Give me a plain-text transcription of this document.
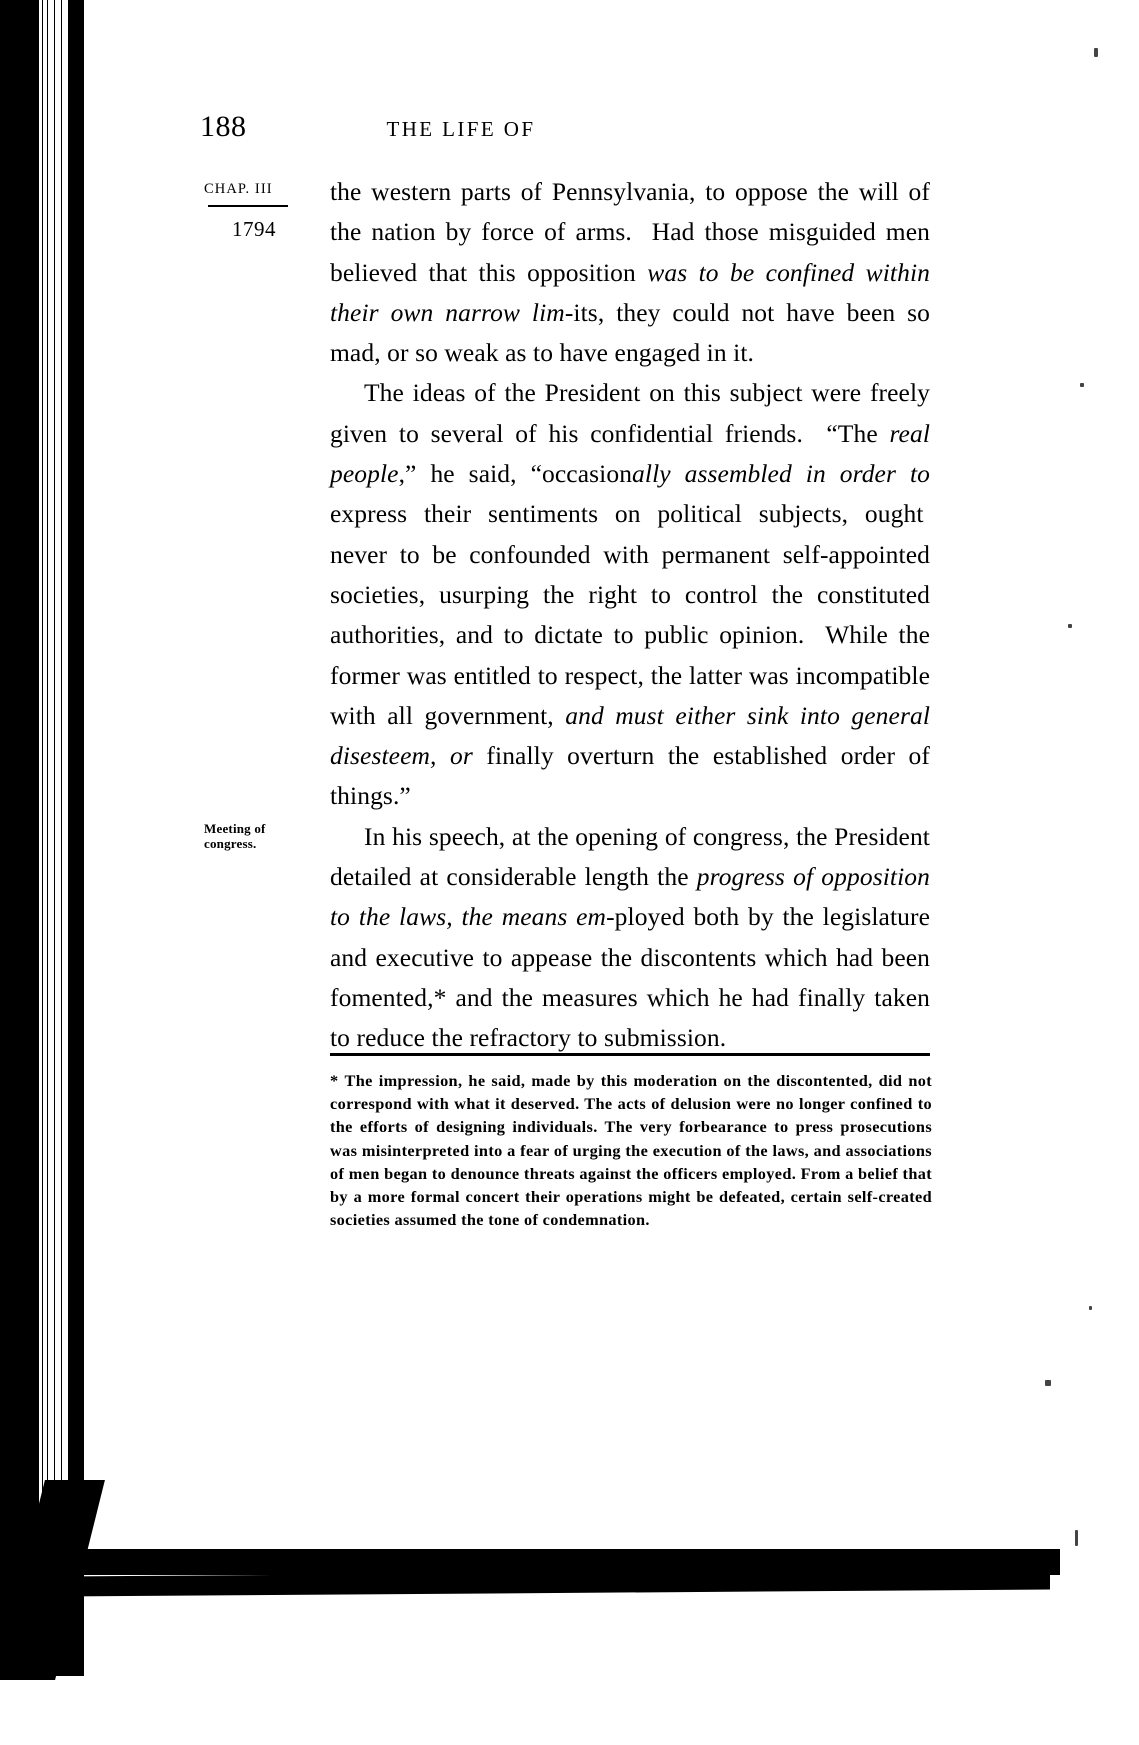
188	THE LIFE OF
CHAP. III
1794
Meeting of congress.

the western parts of Pennsylvania, to oppose the will of the nation by force of arms.  Had those misguided men believed that this opposition was to be confined within their own narrow lim-its, they could not have been so mad, or so weak as to have engaged in it.

The ideas of the President on this subject were freely given to several of his confidential friends.  “The real people,” he said, “occasionally assembled in order to express their sentiments on political subjects, ought  never to be confounded with permanent self-appointed societies, usurping the right to control the constituted authorities, and to dictate to public opinion.  While the former was entitled to respect, the latter was incompatible with all government, and must either sink into general disesteem, or finally overturn the established order of things.”

In his speech, at the opening of congress, the President detailed at considerable length the progress of opposition to the laws, the means em-ployed both by the legislature and executive to appease the discontents which had been fomented,* and the measures which he had finally taken to reduce the refractory to submission.

* The impression, he said, made by this moderation on the discontented, did not correspond with what it deserved. The acts of delusion were no longer confined to the efforts of designing individuals. The very forbearance to press prosecutions was misinterpreted into a fear of urging the execution of the laws, and associations of men began to denounce threats against the officers employed. From a belief that by a more formal concert their operations might be defeated, certain self-created societies assumed the tone of condemnation.
